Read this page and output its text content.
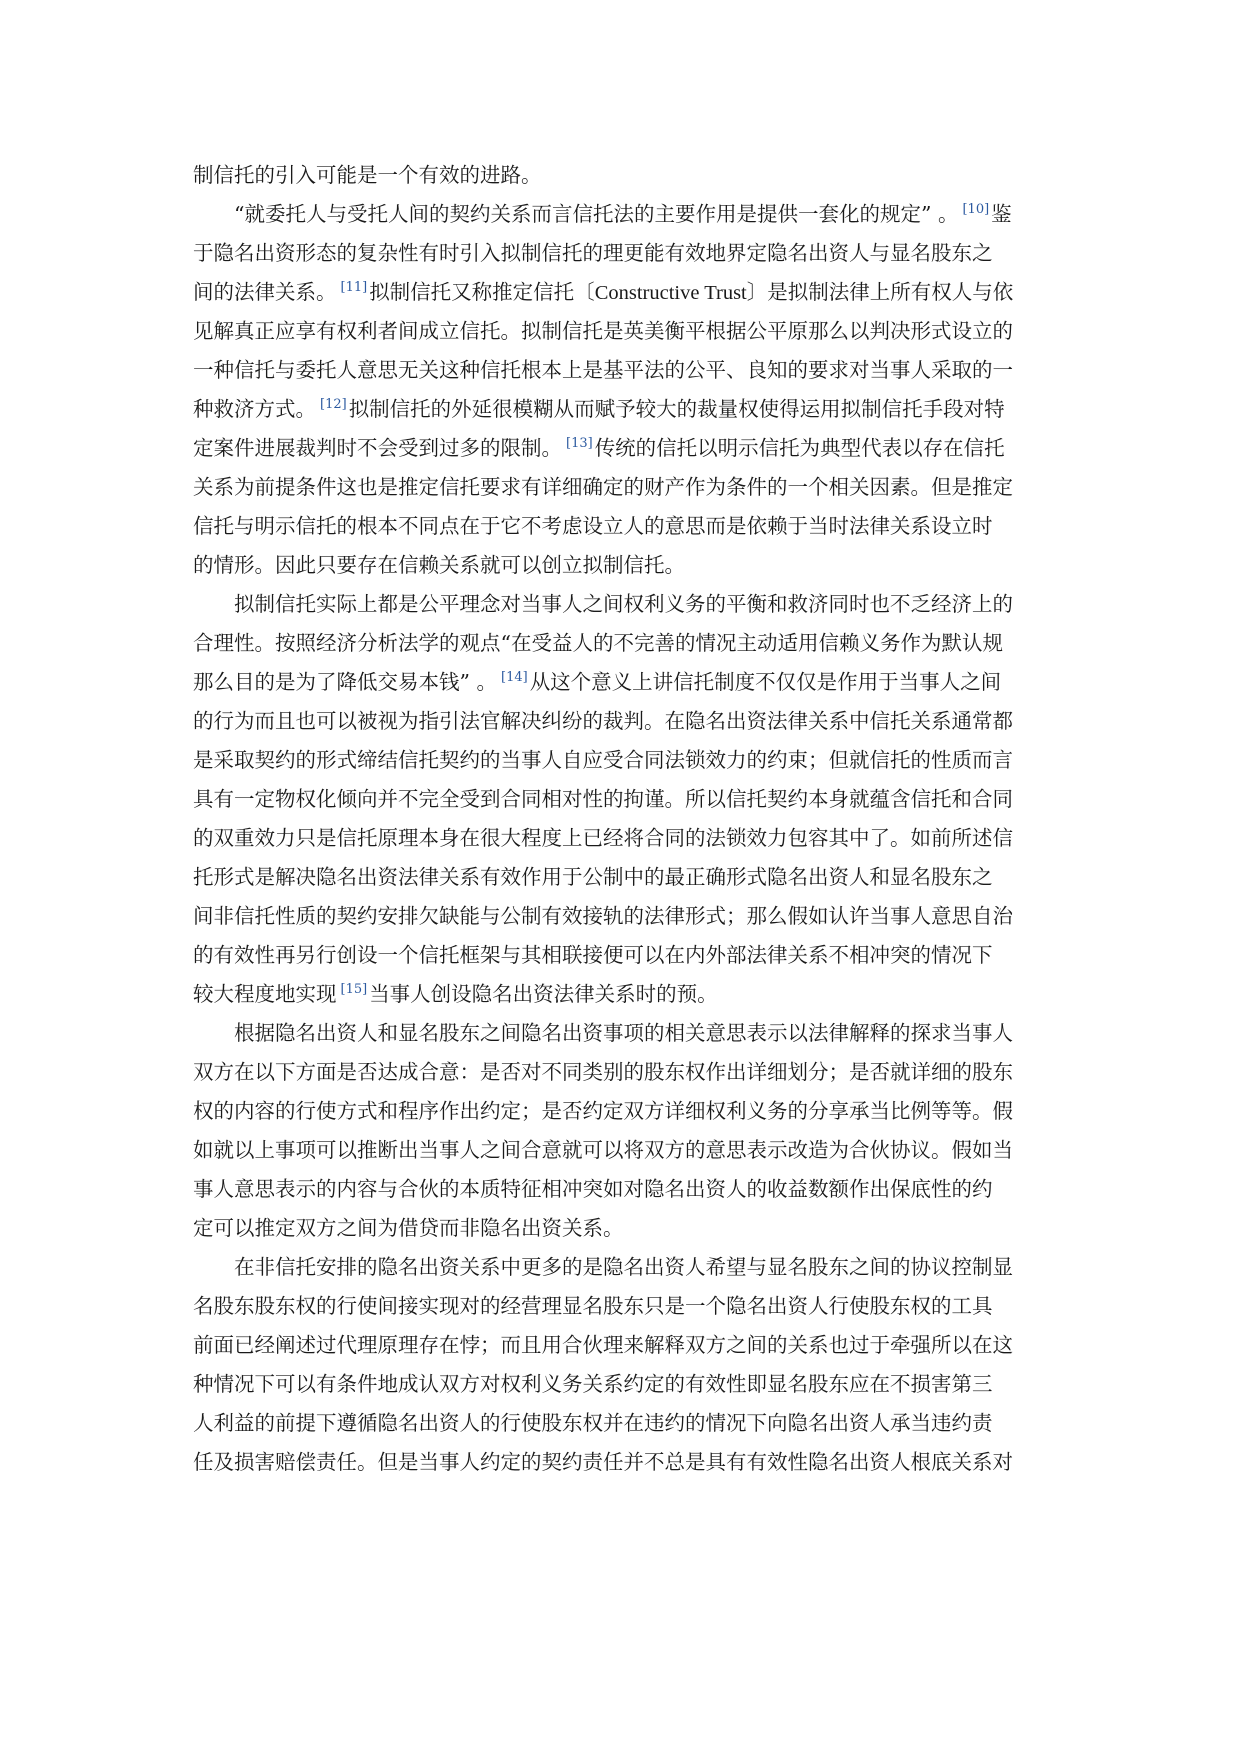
制信托的引入可能是一个有效的进路。
“就委托人与受托人间的契约关系而言信托法的主要作用是提供一套化的规定” 。 [10]鉴
于隐名出资形态的复杂性有时引入拟制信托的理更能有效地界定隐名出资人与显名股东之
间的法律关系。 [11]拟制信托又称推定信托〔Constructive Trust〕是拟制法律上所有权人与依
见解真正应享有权利者间成立信托。拟制信托是英美衡平根据公平原那么以判决形式设立的
一种信托与委托人意思无关这种信托根本上是基平法的公平、良知的要求对当事人采取的一
种救济方式。 [12]拟制信托的外延很模糊从而赋予较大的裁量权使得运用拟制信托手段对特
定案件进展裁判时不会受到过多的限制。 [13]传统的信托以明示信托为典型代表以存在信托
关系为前提条件这也是推定信托要求有详细确定的财产作为条件的一个相关因素。但是推定
信托与明示信托的根本不同点在于它不考虑设立人的意思而是依赖于当时法律关系设立时
的情形。因此只要存在信赖关系就可以创立拟制信托。
拟制信托实际上都是公平理念对当事人之间权利义务的平衡和救济同时也不乏经济上的
合理性。按照经济分析法学的观点“在受益人的不完善的情况主动适用信赖义务作为默认规
那么目的是为了降低交易本钱” 。 [14]从这个意义上讲信托制度不仅仅是作用于当事人之间
的行为而且也可以被视为指引法官解决纠纷的裁判。在隐名出资法律关系中信托关系通常都
是采取契约的形式缔结信托契约的当事人自应受合同法锁效力的约束；但就信托的性质而言
具有一定物权化倾向并不完全受到合同相对性的拘谨。所以信托契约本身就蕴含信托和合同
的双重效力只是信托原理本身在很大程度上已经将合同的法锁效力包容其中了。如前所述信
托形式是解决隐名出资法律关系有效作用于公制中的最正确形式隐名出资人和显名股东之
间非信托性质的契约安排欠缺能与公制有效接轨的法律形式；那么假如认许当事人意思自治
的有效性再另行创设一个信托框架与其相联接便可以在内外部法律关系不相冲突的情况下
较大程度地实现 [15]当事人创设隐名出资法律关系时的预。
根据隐名出资人和显名股东之间隐名出资事项的相关意思表示以法律解释的探求当事人
双方在以下方面是否达成合意：是否对不同类别的股东权作出详细划分；是否就详细的股东
权的内容的行使方式和程序作出约定；是否约定双方详细权利义务的分享承当比例等等。假
如就以上事项可以推断出当事人之间合意就可以将双方的意思表示改造为合伙协议。假如当
事人意思表示的内容与合伙的本质特征相冲突如对隐名出资人的收益数额作出保底性的约
定可以推定双方之间为借贷而非隐名出资关系。
在非信托安排的隐名出资关系中更多的是隐名出资人希望与显名股东之间的协议控制显
名股东股东权的行使间接实现对的经营理显名股东只是一个隐名出资人行使股东权的工具
前面已经阐述过代理原理存在悖；而且用合伙理来解释双方之间的关系也过于牵强所以在这
种情况下可以有条件地成认双方对权利义务关系约定的有效性即显名股东应在不损害第三
人利益的前提下遵循隐名出资人的行使股东权并在违约的情况下向隐名出资人承当违约责
任及损害赔偿责任。但是当事人约定的契约责任并不总是具有有效性隐名出资人根底关系对
